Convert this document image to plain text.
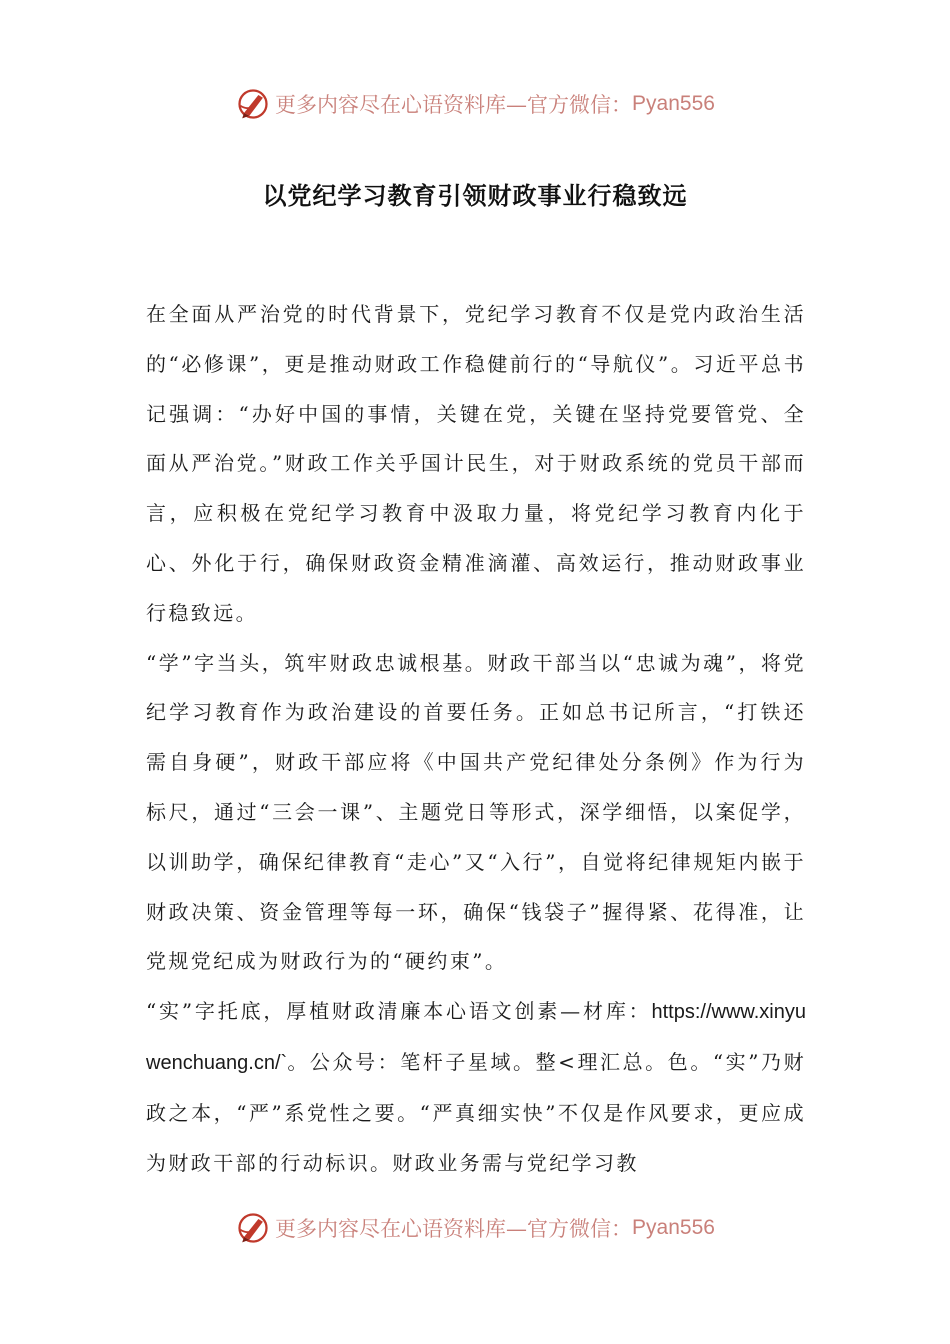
更多内容尽在心语资料库—官方微信： Pyan556
以党纪学习教育引领财政事业行稳致远

在全面从严治党的时代背景下，党纪学习教育不仅是党内政治生活的“必修课”，更是推动财政工作稳健前行的“导航仪”。习近平总书记强调：“办好中国的事情，关键在党，关键在坚持党要管党、全面从严治党。”财政工作关乎国计民生，对于财政系统的党员干部而言，应积极在党纪学习教育中汲取力量，将党纪学习教育内化于心、外化于行，确保财政资金精准滴灌、高效运行，推动财政事业行稳致远。

“学”字当头，筑牢财政忠诚根基。财政干部当以“忠诚为魂”，将党纪学习教育作为政治建设的首要任务。正如总书记所言，“打铁还需自身硬”，财政干部应将《中国共产党纪律处分条例》作为行为标尺，通过“三会一课”、主题党日等形式，深学细悟，以案促学，以训助学，确保纪律教育“走心”又“入行”，自觉将纪律规矩内嵌于财政决策、资金管理等每一环，确保“钱袋子”握得紧、花得准，让党规党纪成为财政行为的“硬约束”。

“实”字托底，厚植财政清廉本心语文创素—材库：https://www.xinyuwenchuang.cn/`。公众号：笔杆子星域。整<理汇总。色。“实”乃财政之本，“严”系党性之要。“严真细实快”不仅是作风要求，更应成为财政干部的行动标识。财政业务需与党纪学习教

更多内容尽在心语资料库—官方微信： Pyan556
